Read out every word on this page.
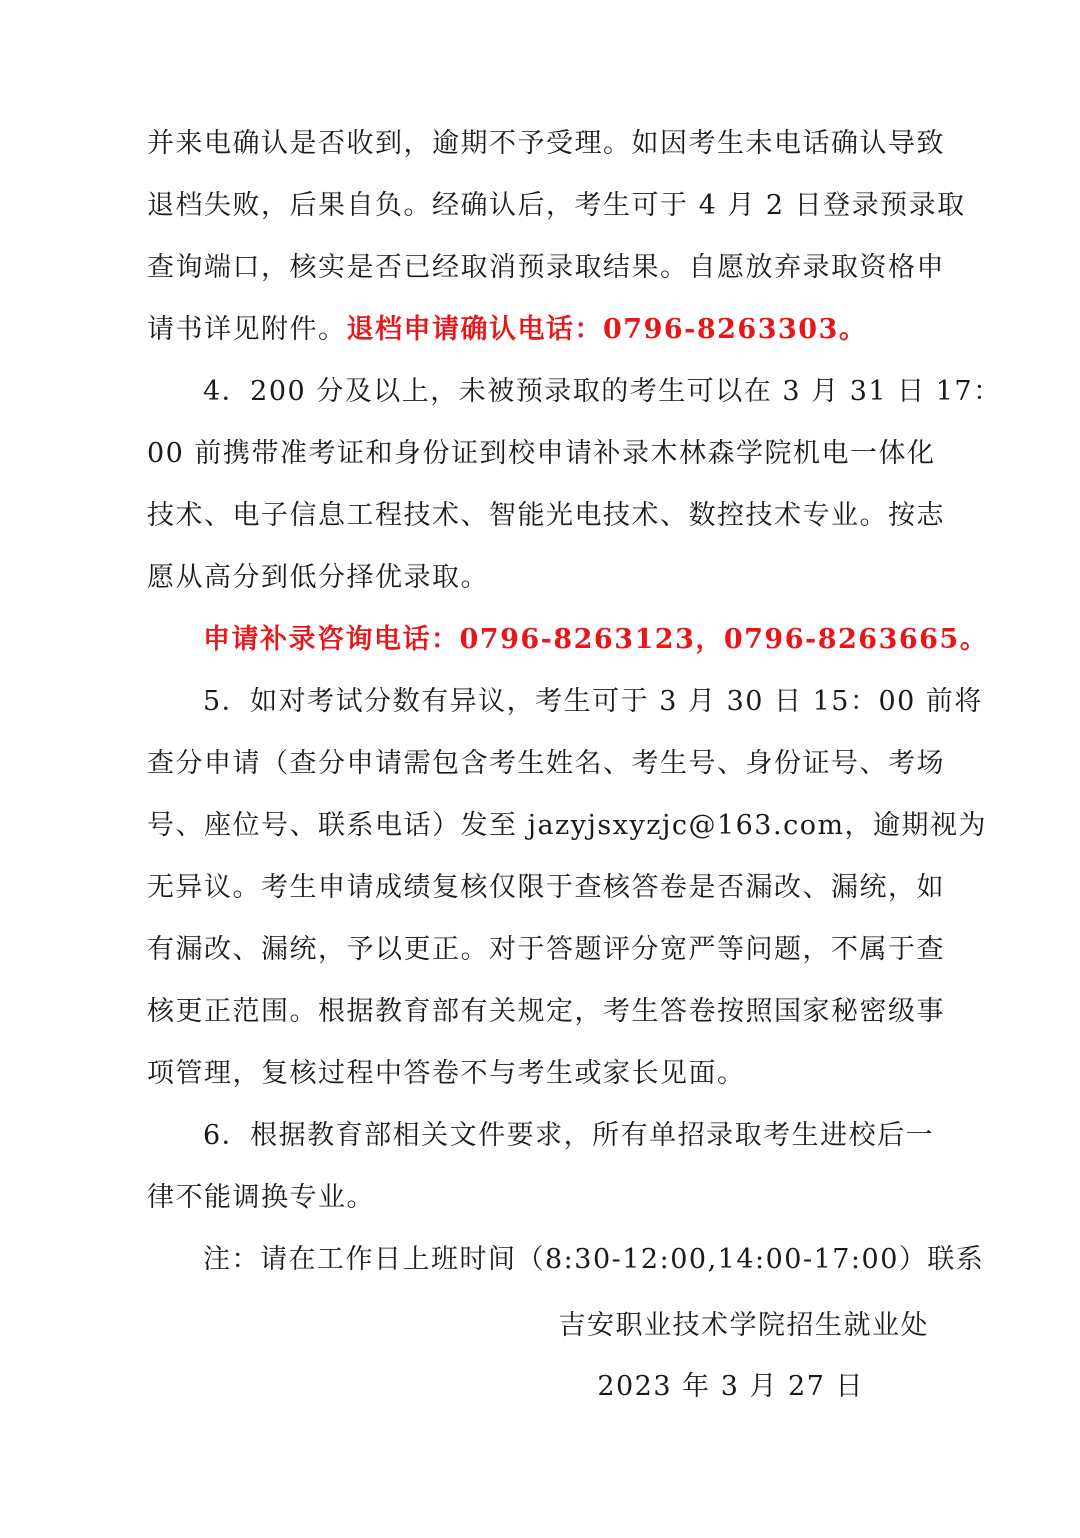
并来电确认是否收到，逾期不予受理。如因考生未电话确认导致
退档失败，后果自负。经确认后，考生可于 4 月 2 日登录预录取
查询端口，核实是否已经取消预录取结果。自愿放弃录取资格申
请书详见附件。退档申请确认电话：0796-8263303。
4．200 分及以上，未被预录取的考生可以在 3 月 31 日 17：
00 前携带准考证和身份证到校申请补录木林森学院机电一体化
技术、电子信息工程技术、智能光电技术、数控技术专业。按志
愿从高分到低分择优录取。
申请补录咨询电话：0796-8263123，0796-8263665。
5．如对考试分数有异议，考生可于 3 月 30 日 15：00 前将
查分申请（查分申请需包含考生姓名、考生号、身份证号、考场
号、座位号、联系电话）发至 jazyjsxyzjc@163.com，逾期视为
无异议。考生申请成绩复核仅限于查核答卷是否漏改、漏统，如
有漏改、漏统，予以更正。对于答题评分宽严等问题，不属于查
核更正范围。根据教育部有关规定，考生答卷按照国家秘密级事
项管理，复核过程中答卷不与考生或家长见面。
6．根据教育部相关文件要求，所有单招录取考生进校后一
律不能调换专业。
注：请在工作日上班时间（8:30-12:00,14:00-17:00）联系
吉安职业技术学院招生就业处
2023 年 3 月 27 日
